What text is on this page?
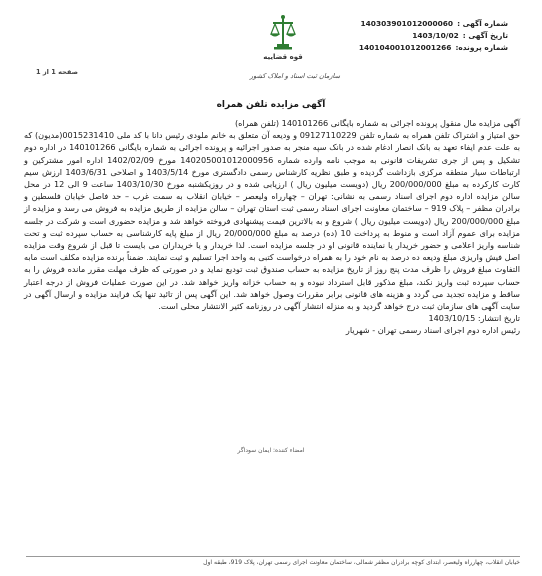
شماره آگهی :
140303901012000060
تاریخ آگهی :
1403/10/02
شماره پرونده:
140104001012001266
قوه قضاییه
سازمان ثبت اسناد و املاک کشور
صفحه 1 از 1
آگهی مزایده تلفن همراه

آگهی مزایده مال منقول پرونده اجرائی به شماره بایگانی 140101266 (تلفن همراه)

حق امتیاز و اشتراک تلفن همراه به شماره تلفن 09127110229 و ودیعه آن متعلق به خانم ملودی رئیس دانا با کد ملی 0015231410(مدیون) که به علت عدم ایفاء تعهد به بانک انصار ادغام شده در بانک سپه منجر به صدور اجرائیه و پرونده اجرائی به شماره بایگانی 140101266 در اداره دوم تشکیل و پس از جری تشریفات قانونی به موجب نامه وارده شماره 140205001012000956 مورخ 1402/02/09 اداره امور مشترکین و ارتباطات سیار منطقه مرکزی بازداشت گردیده و طبق نظریه کارشناس رسمی دادگستری مورخ 1403/5/14 و اصلاحی 1403/6/31 ارزش سیم کارت کارکرده به مبلغ 200/000/000 ریال (دویست میلیون ریال ) ارزیابی شده و در روزیکشنبه مورخ 1403/10/30 ساعت 9 الی 12 در محل سالن مزایده اداره دوم اجرای اسناد رسمی به نشانی: تهران – چهارراه ولیعصر – خیابان انقلاب به سمت غرب – حد فاصل خیابان فلسطین و برادران مظفر – پلاک 919 – ساختمان معاونت اجرای اسناد رسمی ثبت استان تهران – سالن مزایده از طریق مزایده به فروش می رسد و مزایده از مبلغ 200/000/000 ریال (دویست میلیون ریال ) شروع و به بالاترین قیمت پیشنهادی فروخته خواهد شد و مزایده حضوری است و شرکت در جلسه مزایده برای عموم آزاد است و منوط به پرداخت 10 (ده) درصد به مبلغ 20/000/000 ریال از مبلغ پایه کارشناسی به حساب سپرده ثبت و تحت شناسه واریز اعلامی و حضور خریدار یا نماینده قانونی او در جلسه مزایده است. لذا خریدار و یا خریداران می بایست تا قبل از شروع وقت مزایده اصل فیش واریزی مبلغ ودیعه ده درصد به نام خود را به همراه درخواست کتبی به واحد اجرا تسلیم و ثبت نمایند. ضمناً برنده مزایده مکلف است مابه التفاوت مبلغ فروش را ظرف مدت پنج روز از تاریخ مزایده به حساب صندوق ثبت تودیع نماید و در صورتی که ظرف مهلت مقرر مانده فروش را به حساب سپرده ثبت واریز نکند، مبلغ مذکور قابل استرداد نبوده و به حساب خزانه واریز خواهد شد. در این صورت عملیات فروش از درجه اعتبار ساقط و مزایده تجدید می گردد و هزینه های قانونی برابر مقررات وصول خواهد شد. این آگهی پس از تائید تنها یک فرایند مزایده و ارسال آگهی در سایت آگهی های سازمان ثبت درج خواهد گردید و به منزله انتشار آگهی در روزنامه کثیر الانتشار محلی است.

تاریخ انتشار: 1403/10/15

رئیس اداره دوم اجرای اسناد رسمی تهران - شهریار

امضاء کننده: ایمان سوداگر
خیابان انقلاب، چهارراه ولیعصر، ابتدای کوچه برادران مظفر شمالی، ساختمان معاونت اجرای رسمی تهران، پلاک 919، طبقه اول
